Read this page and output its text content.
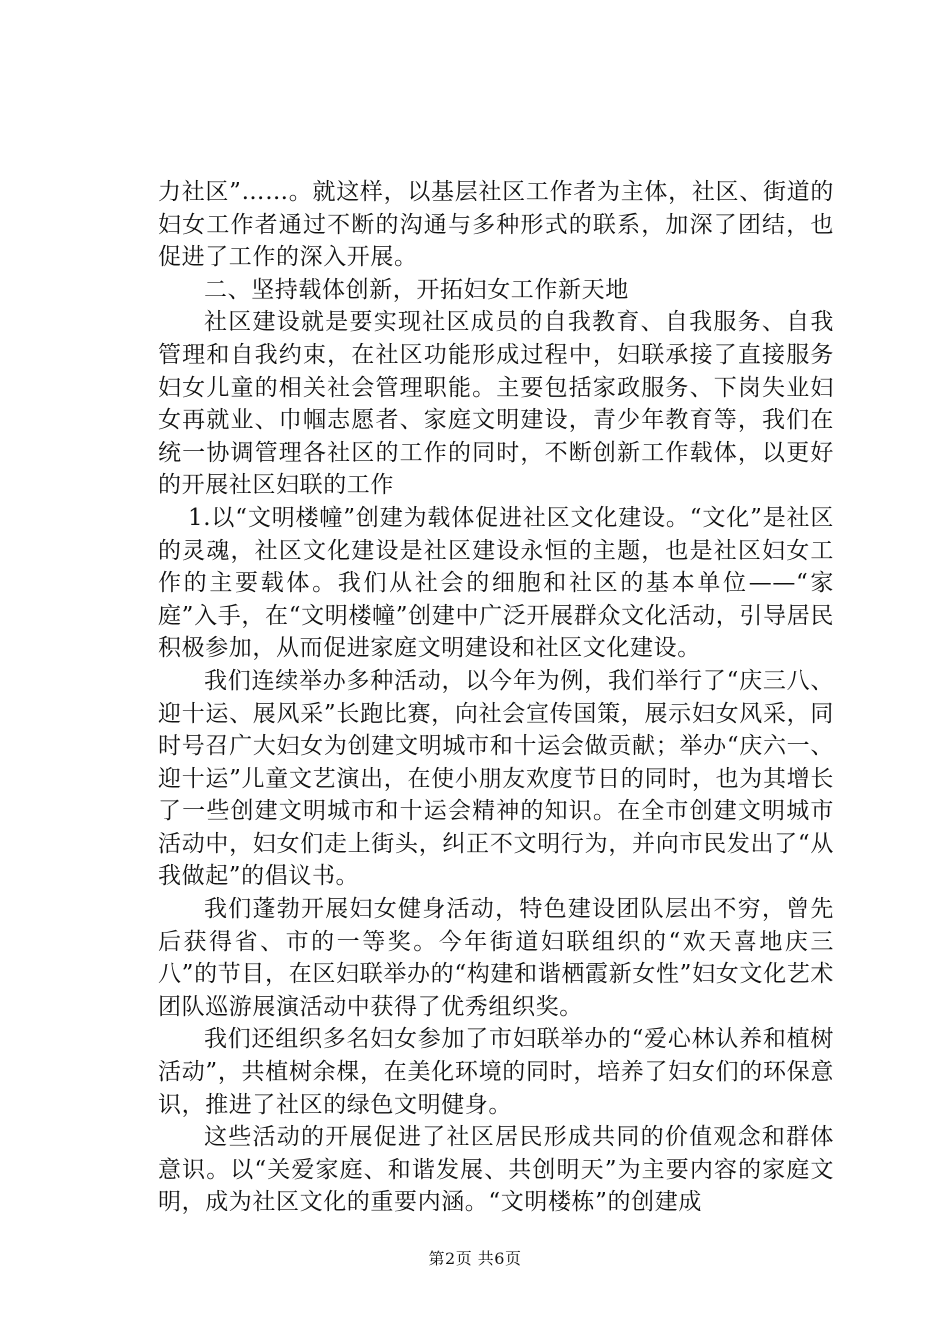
力社区”……。就这样，以基层社区工作者为主体，社区、街道的妇女工作者通过不断的沟通与多种形式的联系，加深了团结，也促进了工作的深入开展。

二、坚持载体创新，开拓妇女工作新天地

社区建设就是要实现社区成员的自我教育、自我服务、自我管理和自我约束，在社区功能形成过程中，妇联承接了直接服务妇女儿童的相关社会管理职能。主要包括家政服务、下岗失业妇女再就业、巾帼志愿者、家庭文明建设，青少年教育等，我们在统一协调管理各社区的工作的同时，不断创新工作载体，以更好的开展社区妇联的工作

1.以“文明楼幢”创建为载体促进社区文化建设。“文化”是社区的灵魂，社区文化建设是社区建设永恒的主题，也是社区妇女工作的主要载体。我们从社会的细胞和社区的基本单位——“家庭”入手，在“文明楼幢”创建中广泛开展群众文化活动，引导居民积极参加，从而促进家庭文明建设和社区文化建设。

我们连续举办多种活动，以今年为例，我们举行了“庆三八、迎十运、展风采”长跑比赛，向社会宣传国策，展示妇女风采，同时号召广大妇女为创建文明城市和十运会做贡献；举办“庆六一、迎十运”儿童文艺演出，在使小朋友欢度节日的同时，也为其增长了一些创建文明城市和十运会精神的知识。在全市创建文明城市活动中，妇女们走上街头，纠正不文明行为，并向市民发出了“从我做起”的倡议书。

我们蓬勃开展妇女健身活动，特色建设团队层出不穷，曾先后获得省、市的一等奖。今年街道妇联组织的“欢天喜地庆三八”的节目，在区妇联举办的“构建和谐栖霞新女性”妇女文化艺术团队巡游展演活动中获得了优秀组织奖。

我们还组织多名妇女参加了市妇联举办的“爱心林认养和植树活动”，共植树余棵，在美化环境的同时，培养了妇女们的环保意识，推进了社区的绿色文明健身。

这些活动的开展促进了社区居民形成共同的价值观念和群体意识。以“关爱家庭、和谐发展、共创明天”为主要内容的家庭文明，成为社区文化的重要内涵。“文明楼栋”的创建成

第2页 共6页
